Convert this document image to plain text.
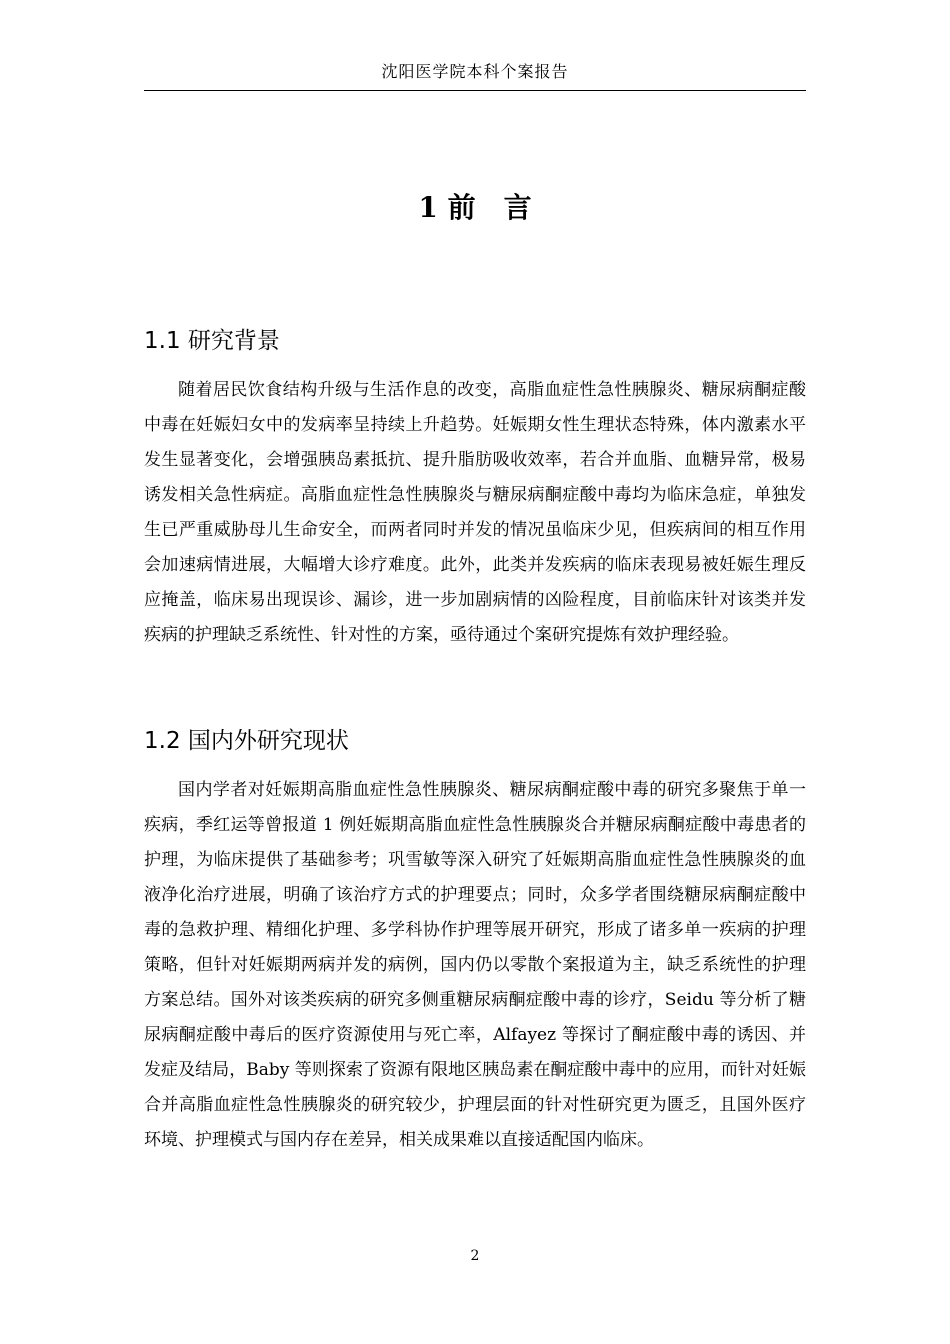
沈阳医学院本科个案报告
1 前　言
1.1 研究背景

随着居民饮食结构升级与生活作息的改变，高脂血症性急性胰腺炎、糖尿病酮症酸中毒在妊娠妇女中的发病率呈持续上升趋势。妊娠期女性生理状态特殊，体内激素水平发生显著变化，会增强胰岛素抵抗、提升脂肪吸收效率，若合并血脂、血糖异常，极易诱发相关急性病症。高脂血症性急性胰腺炎与糖尿病酮症酸中毒均为临床急症，单独发生已严重威胁母儿生命安全，而两者同时并发的情况虽临床少见，但疾病间的相互作用会加速病情进展，大幅增大诊疗难度。此外，此类并发疾病的临床表现易被妊娠生理反应掩盖，临床易出现误诊、漏诊，进一步加剧病情的凶险程度，目前临床针对该类并发疾病的护理缺乏系统性、针对性的方案，亟待通过个案研究提炼有效护理经验。

1.2 国内外研究现状

国内学者对妊娠期高脂血症性急性胰腺炎、糖尿病酮症酸中毒的研究多聚焦于单一疾病，季红运等曾报道 1 例妊娠期高脂血症性急性胰腺炎合并糖尿病酮症酸中毒患者的护理，为临床提供了基础参考；巩雪敏等深入研究了妊娠期高脂血症性急性胰腺炎的血液净化治疗进展，明确了该治疗方式的护理要点；同时，众多学者围绕糖尿病酮症酸中毒的急救护理、精细化护理、多学科协作护理等展开研究，形成了诸多单一疾病的护理策略，但针对妊娠期两病并发的病例，国内仍以零散个案报道为主，缺乏系统性的护理方案总结。国外对该类疾病的研究多侧重糖尿病酮症酸中毒的诊疗，Seidu 等分析了糖尿病酮症酸中毒后的医疗资源使用与死亡率，Alfayez 等探讨了酮症酸中毒的诱因、并发症及结局，Baby 等则探索了资源有限地区胰岛素在酮症酸中毒中的应用，而针对妊娠合并高脂血症性急性胰腺炎的研究较少，护理层面的针对性研究更为匮乏，且国外医疗环境、护理模式与国内存在差异，相关成果难以直接适配国内临床。

2
